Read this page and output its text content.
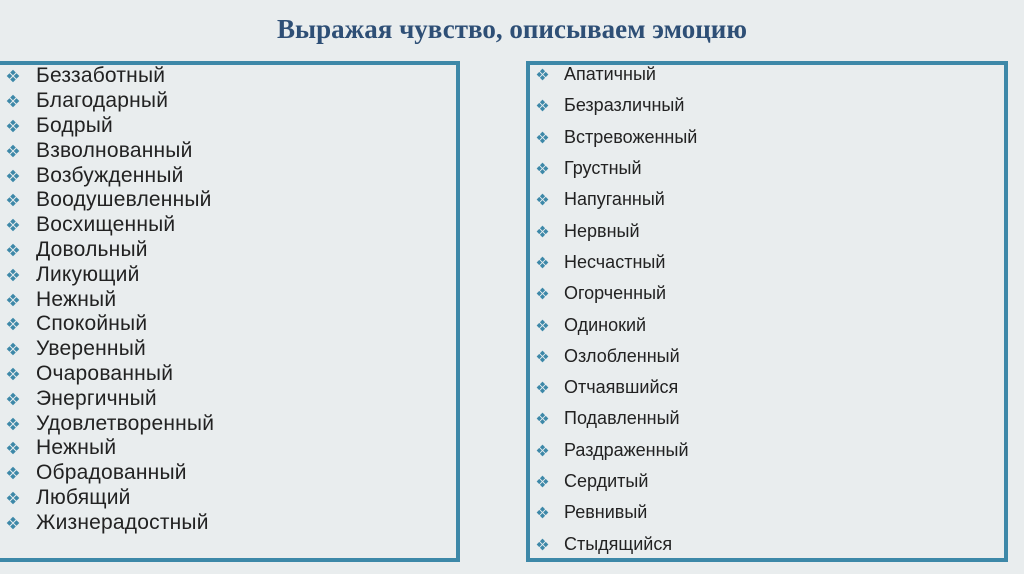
Выражая чувство, описываем эмоцию
Беззаботный
Благодарный
Бодрый
Взволнованный
Возбужденный
Воодушевленный
Восхищенный
Довольный
Ликующий
Нежный
Спокойный
Уверенный
Очарованный
Энергичный
Удовлетворенный
Нежный
Обрадованный
Любящий
Жизнерадостный
Апатичный
Безразличный
Встревоженный
Грустный
Напуганный
Нервный
Несчастный
Огорченный
Одинокий
Озлобленный
Отчаявшийся
Подавленный
Раздраженный
Сердитый
Ревнивый
Стыдящийся
